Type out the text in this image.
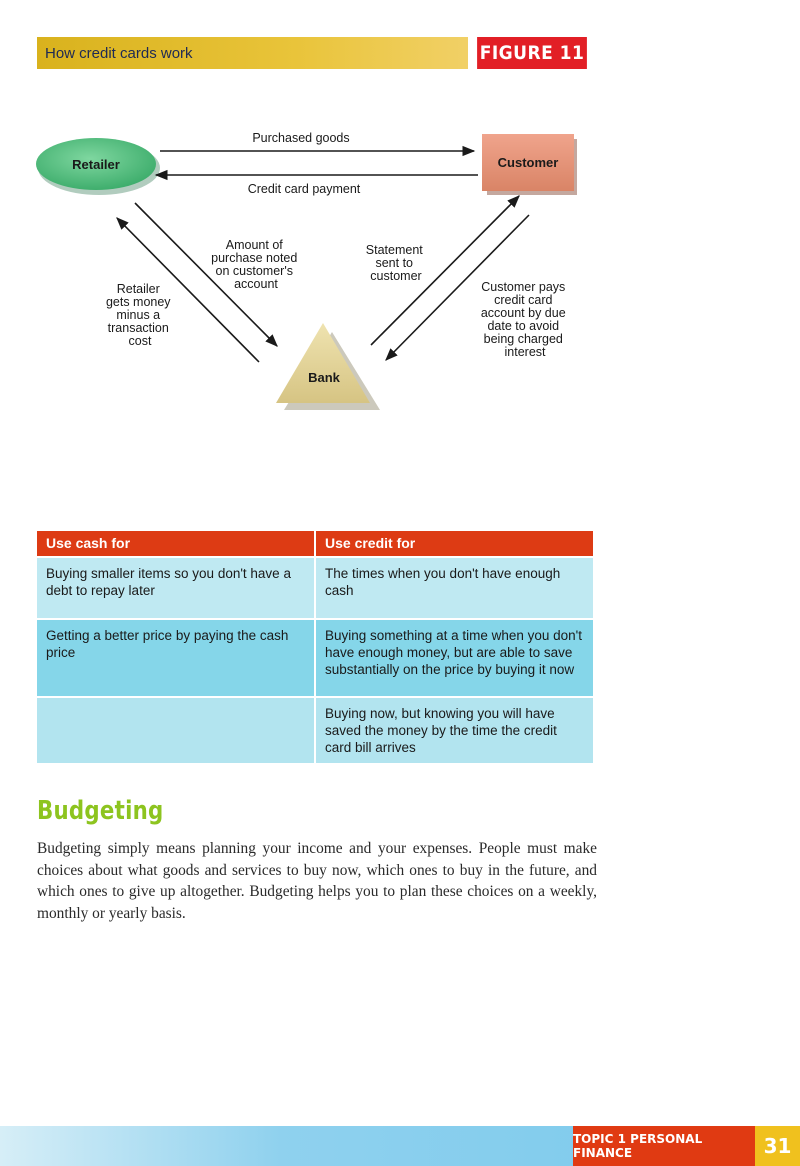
How credit cards work	FIGURE 11
Retailer	Customer
Bank
Purchased goods
Credit card payment
Amount of purchase noted on customer's account
Retailer gets money minus a transaction cost
Statement sent to customer
Customer pays credit card account by due date to avoid being charged interest
Use cash for	Use credit for
Buying smaller items so you don't have a debt to repay later	The times when you don't have enough cash
Getting a better price by paying the cash price	Buying something at a time when you don't have enough money, but are able to save substantially on the price by buying it now
	Buying now, but knowing you will have saved the money by the time the credit card bill arrives
Budgeting

Budgeting simply means planning your income and your expenses. People must make choices about what goods and services to buy now, which ones to buy in the future, and which ones to give up altogether. Budgeting helps you to plan these choices on a weekly, monthly or yearly basis.

TOPIC 1 PERSONAL FINANCE	31
